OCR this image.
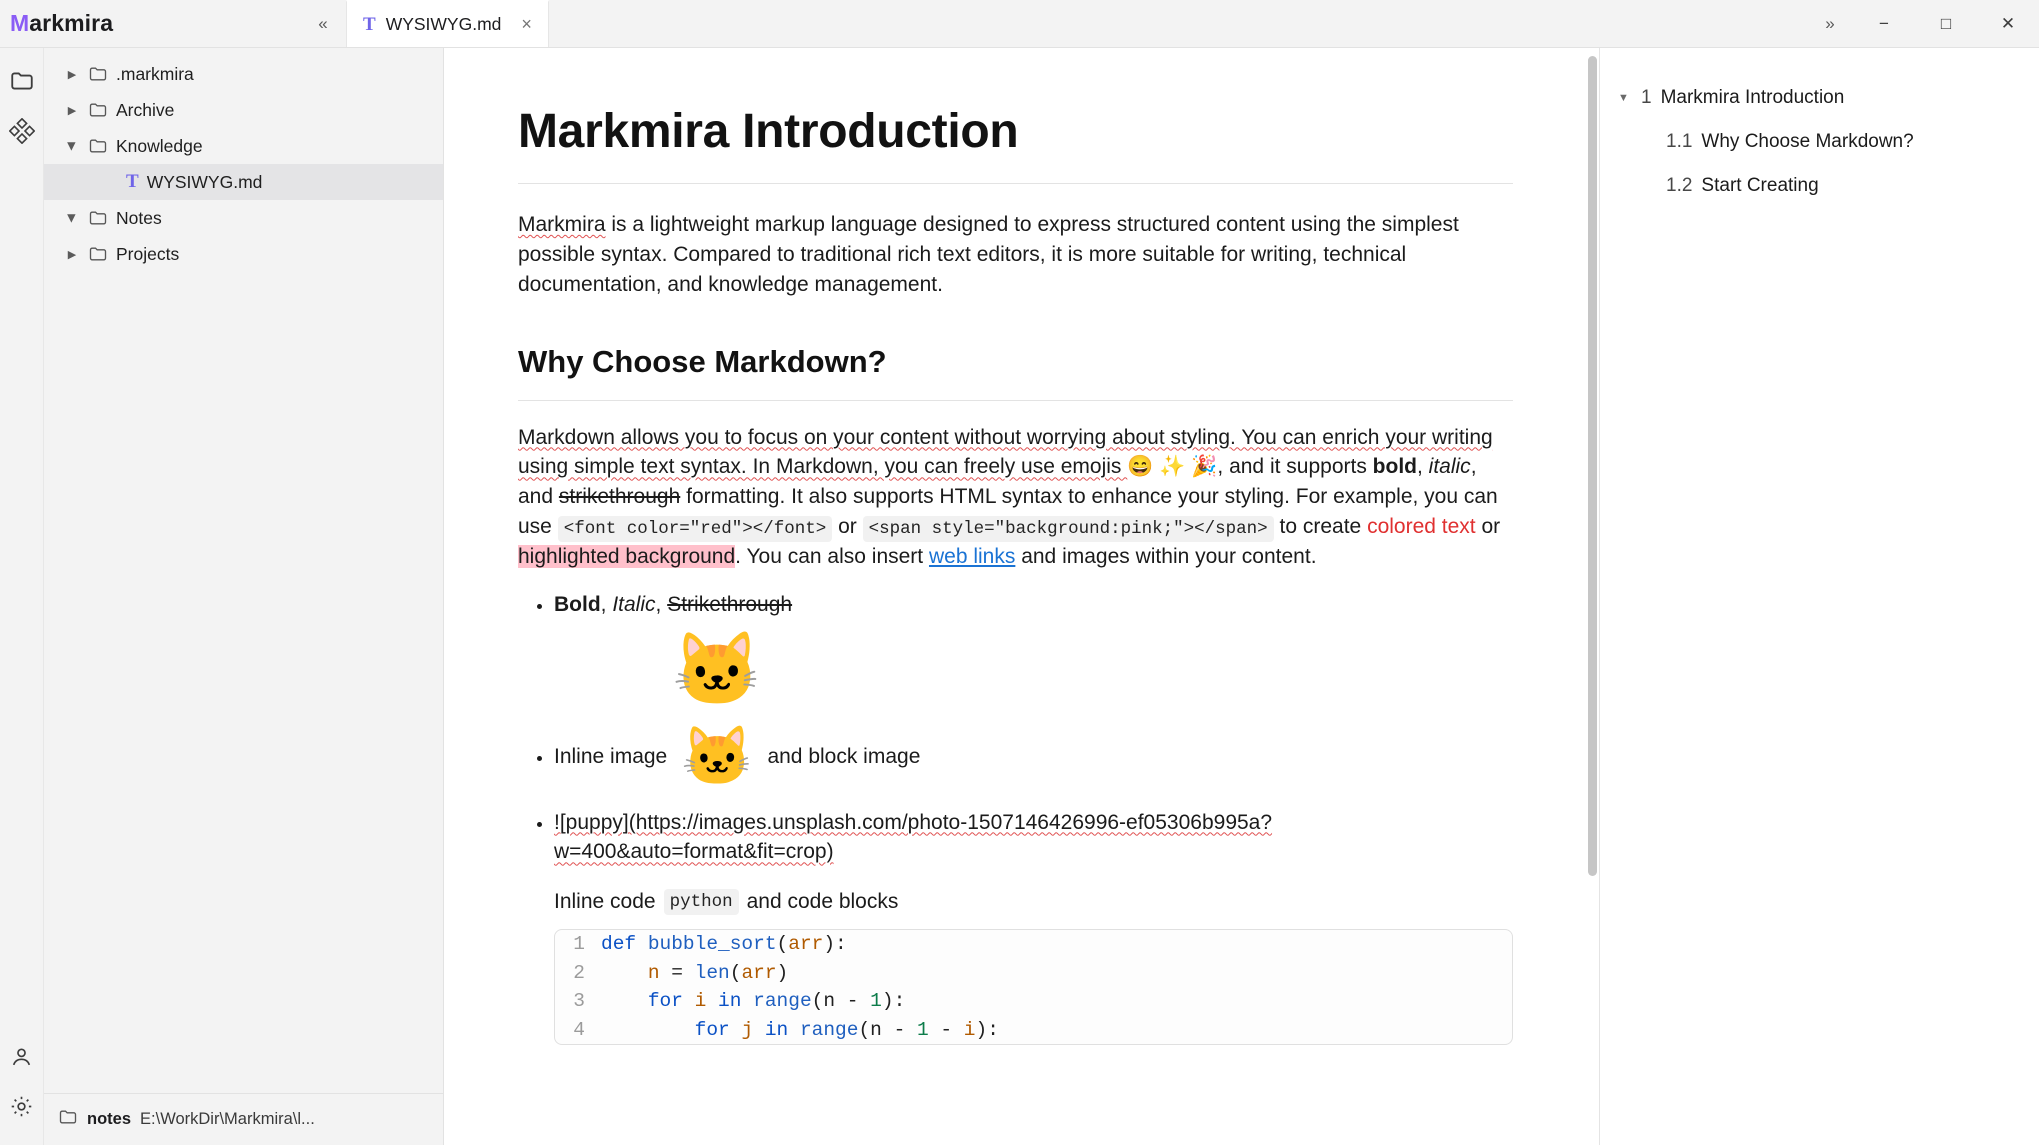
M arkmira	«	T WYSIWYG.md ×	»	−	□	✕
▶ .markmira
▶ Archive
▶ Knowledge
T WYSIWYG.md
▶ Notes
▶ Projects
notes E:\WorkDir\Markmira\l...
Markmira Introduction

Markmira is a lightweight markup language designed to express structured content using the simplest possible syntax. Compared to traditional rich text editors, it is more suitable for writing, technical documentation, and knowledge management.

Why Choose Markdown?

Markdown allows you to focus on your content without worrying about styling. You can enrich your writing using simple text syntax. In Markdown, you can freely use emojis 😄 ✨ 🎉, and it supports bold, italic, and strikethrough formatting. It also supports HTML syntax to enhance your styling. For example, you can use <font color="red"></font> or <span style="background:pink;"></span> to create colored text or highlighted background. You can also insert web links and images within your content.

• Bold, Italic, Strikethrough
🐱
• Inline image 🐱 and block image
• ![puppy](https://images.unsplash.com/photo-1507146426996-ef05306b995a?w=400&auto=format&fit=crop)
Inline code python and code blocks
1 def bubble_sort(arr):
2	n = len(arr)
3	for i in range(n - 1):
4	for j in range(n - 1 - i):
▼ 1 Markmira Introduction
1.1 Why Choose Markdown?
1.2 Start Creating
